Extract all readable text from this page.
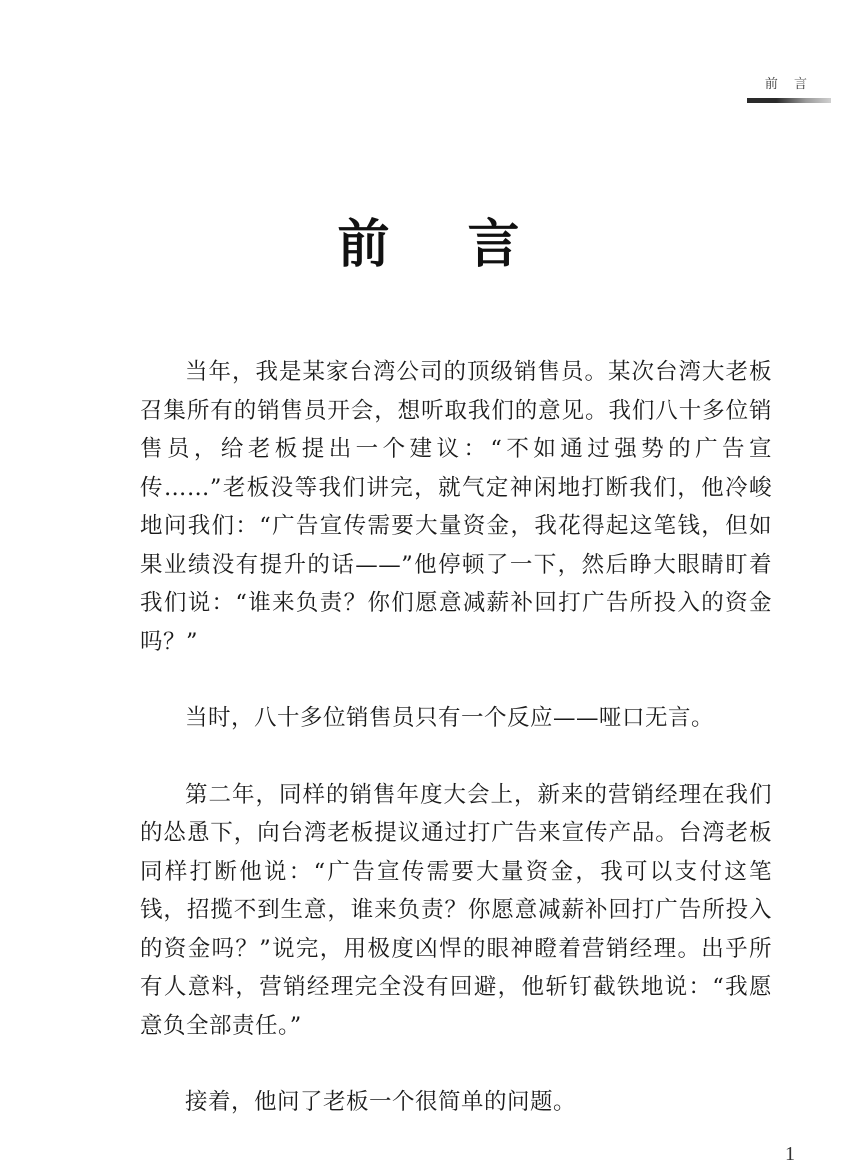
前 言
前 言

当年，我是某家台湾公司的顶级销售员。某次台湾大老板召集所有的销售员开会，想听取我们的意见。我们八十多位销售员，给老板提出一个建议：“不如通过强势的广告宣传……”老板没等我们讲完，就气定神闲地打断我们，他冷峻地问我们：“广告宣传需要大量资金，我花得起这笔钱，但如果业绩没有提升的话——”他停顿了一下，然后睁大眼睛盯着我们说：“谁来负责？你们愿意减薪补回打广告所投入的资金吗？”

当时，八十多位销售员只有一个反应——哑口无言。

第二年，同样的销售年度大会上，新来的营销经理在我们的怂恿下，向台湾老板提议通过打广告来宣传产品。台湾老板同样打断他说：“广告宣传需要大量资金，我可以支付这笔钱，招揽不到生意，谁来负责？你愿意减薪补回打广告所投入的资金吗？”说完，用极度凶悍的眼神瞪着营销经理。出乎所有人意料，营销经理完全没有回避，他斩钉截铁地说：“我愿意负全部责任。”

接着，他问了老板一个很简单的问题。

1
